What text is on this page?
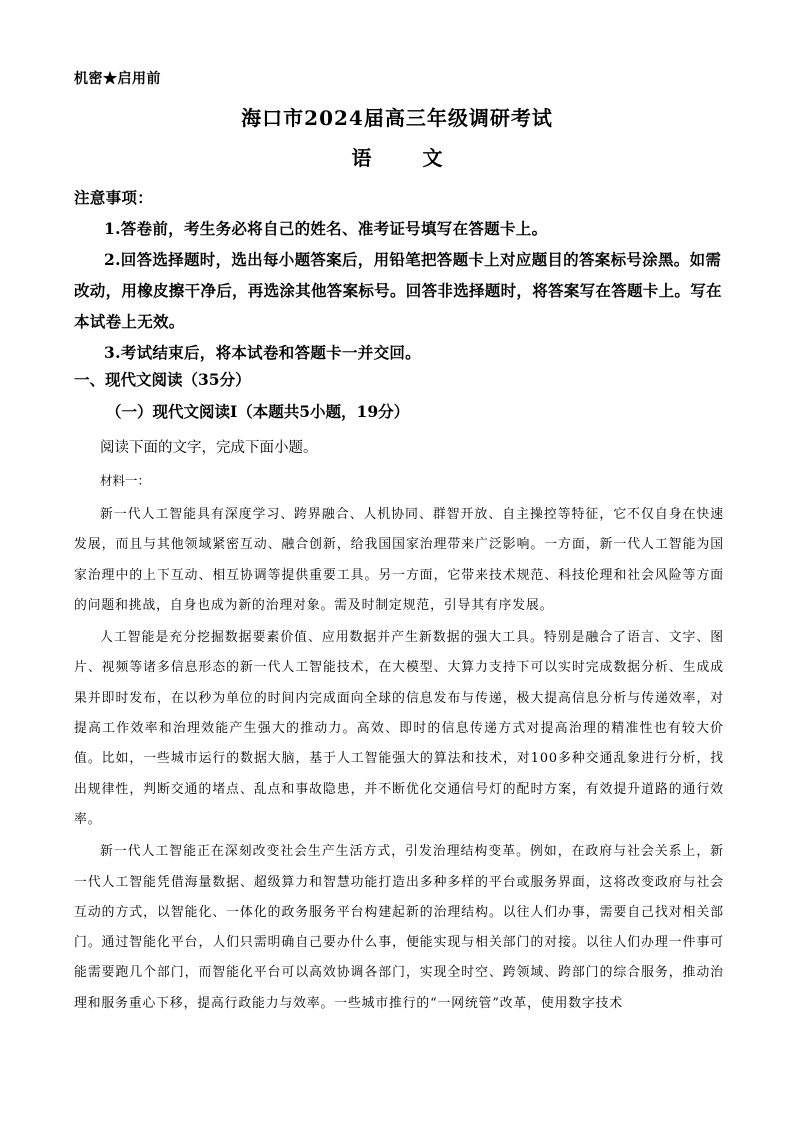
机密★启用前
海口市2024届高三年级调研考试
语 文

注意事项：

1.答卷前，考生务必将自己的姓名、准考证号填写在答题卡上。

2.回答选择题时，选出每小题答案后，用铅笔把答题卡上对应题目的答案标号涂黑。如需改动，用橡皮擦干净后，再选涂其他答案标号。回答非选择题时，将答案写在答题卡上。写在本试卷上无效。

3.考试结束后，将本试卷和答题卡一并交回。

一、现代文阅读（35分）
（一）现代文阅读Ⅰ（本题共5小题，19分）
阅读下面的文字，完成下面小题。
材料一：

新一代人工智能具有深度学习、跨界融合、人机协同、群智开放、自主操控等特征，它不仅自身在快速发展，而且与其他领域紧密互动、融合创新，给我国国家治理带来广泛影响。一方面，新一代人工智能为国家治理中的上下互动、相互协调等提供重要工具。另一方面，它带来技术规范、科技伦理和社会风险等方面的问题和挑战，自身也成为新的治理对象。需及时制定规范，引导其有序发展。

人工智能是充分挖掘数据要素价值、应用数据并产生新数据的强大工具。特别是融合了语言、文字、图片、视频等诸多信息形态的新一代人工智能技术，在大模型、大算力支持下可以实时完成数据分析、生成成果并即时发布，在以秒为单位的时间内完成面向全球的信息发布与传递，极大提高信息分析与传递效率，对提高工作效率和治理效能产生强大的推动力。高效、即时的信息传递方式对提高治理的精准性也有较大价值。比如，一些城市运行的数据大脑，基于人工智能强大的算法和技术，对100多种交通乱象进行分析，找出规律性，判断交通的堵点、乱点和事故隐患，并不断优化交通信号灯的配时方案，有效提升道路的通行效率。

新一代人工智能正在深刻改变社会生产生活方式，引发治理结构变革。例如，在政府与社会关系上，新一代人工智能凭借海量数据、超级算力和智慧功能打造出多种多样的平台或服务界面，这将改变政府与社会互动的方式，以智能化、一体化的政务服务平台构建起新的治理结构。以往人们办事，需要自己找对相关部门。通过智能化平台，人们只需明确自己要办什么事，便能实现与相关部门的对接。以往人们办理一件事可能需要跑几个部门，而智能化平台可以高效协调各部门，实现全时空、跨领域、跨部门的综合服务，推动治理和服务重心下移，提高行政能力与效率。一些城市推行的“一网统管”改革，使用数字技术
